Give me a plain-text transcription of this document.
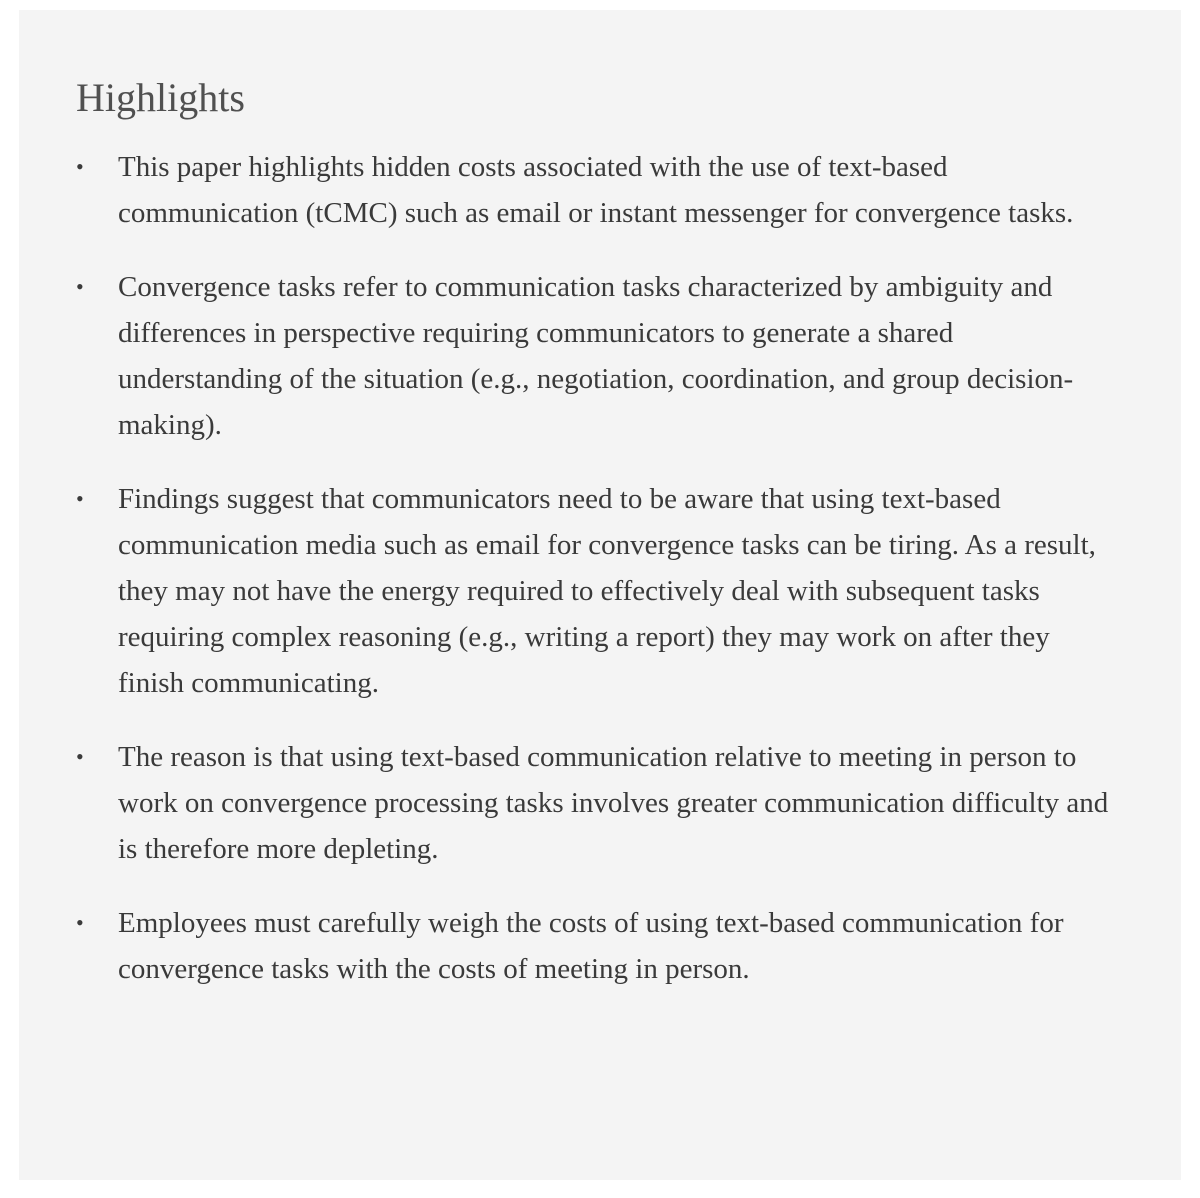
Highlights
•	This paper highlights hidden costs associated with the use of text-based communication (tCMC) such as email or instant messenger for convergence tasks.
•	Convergence tasks refer to communication tasks characterized by ambiguity and differences in perspective requiring communicators to generate a shared understanding of the situation (e.g., negotiation, coordination, and group decision-making).
•	Findings suggest that communicators need to be aware that using text-based communication media such as email for convergence tasks can be tiring. As a result, they may not have the energy required to effectively deal with subsequent tasks requiring complex reasoning (e.g., writing a report) they may work on after they finish communicating.
•	The reason is that using text-based communication relative to meeting in person to work on convergence processing tasks involves greater communication difficulty and is therefore more depleting.
•	Employees must carefully weigh the costs of using text-based communication for convergence tasks with the costs of meeting in person.
